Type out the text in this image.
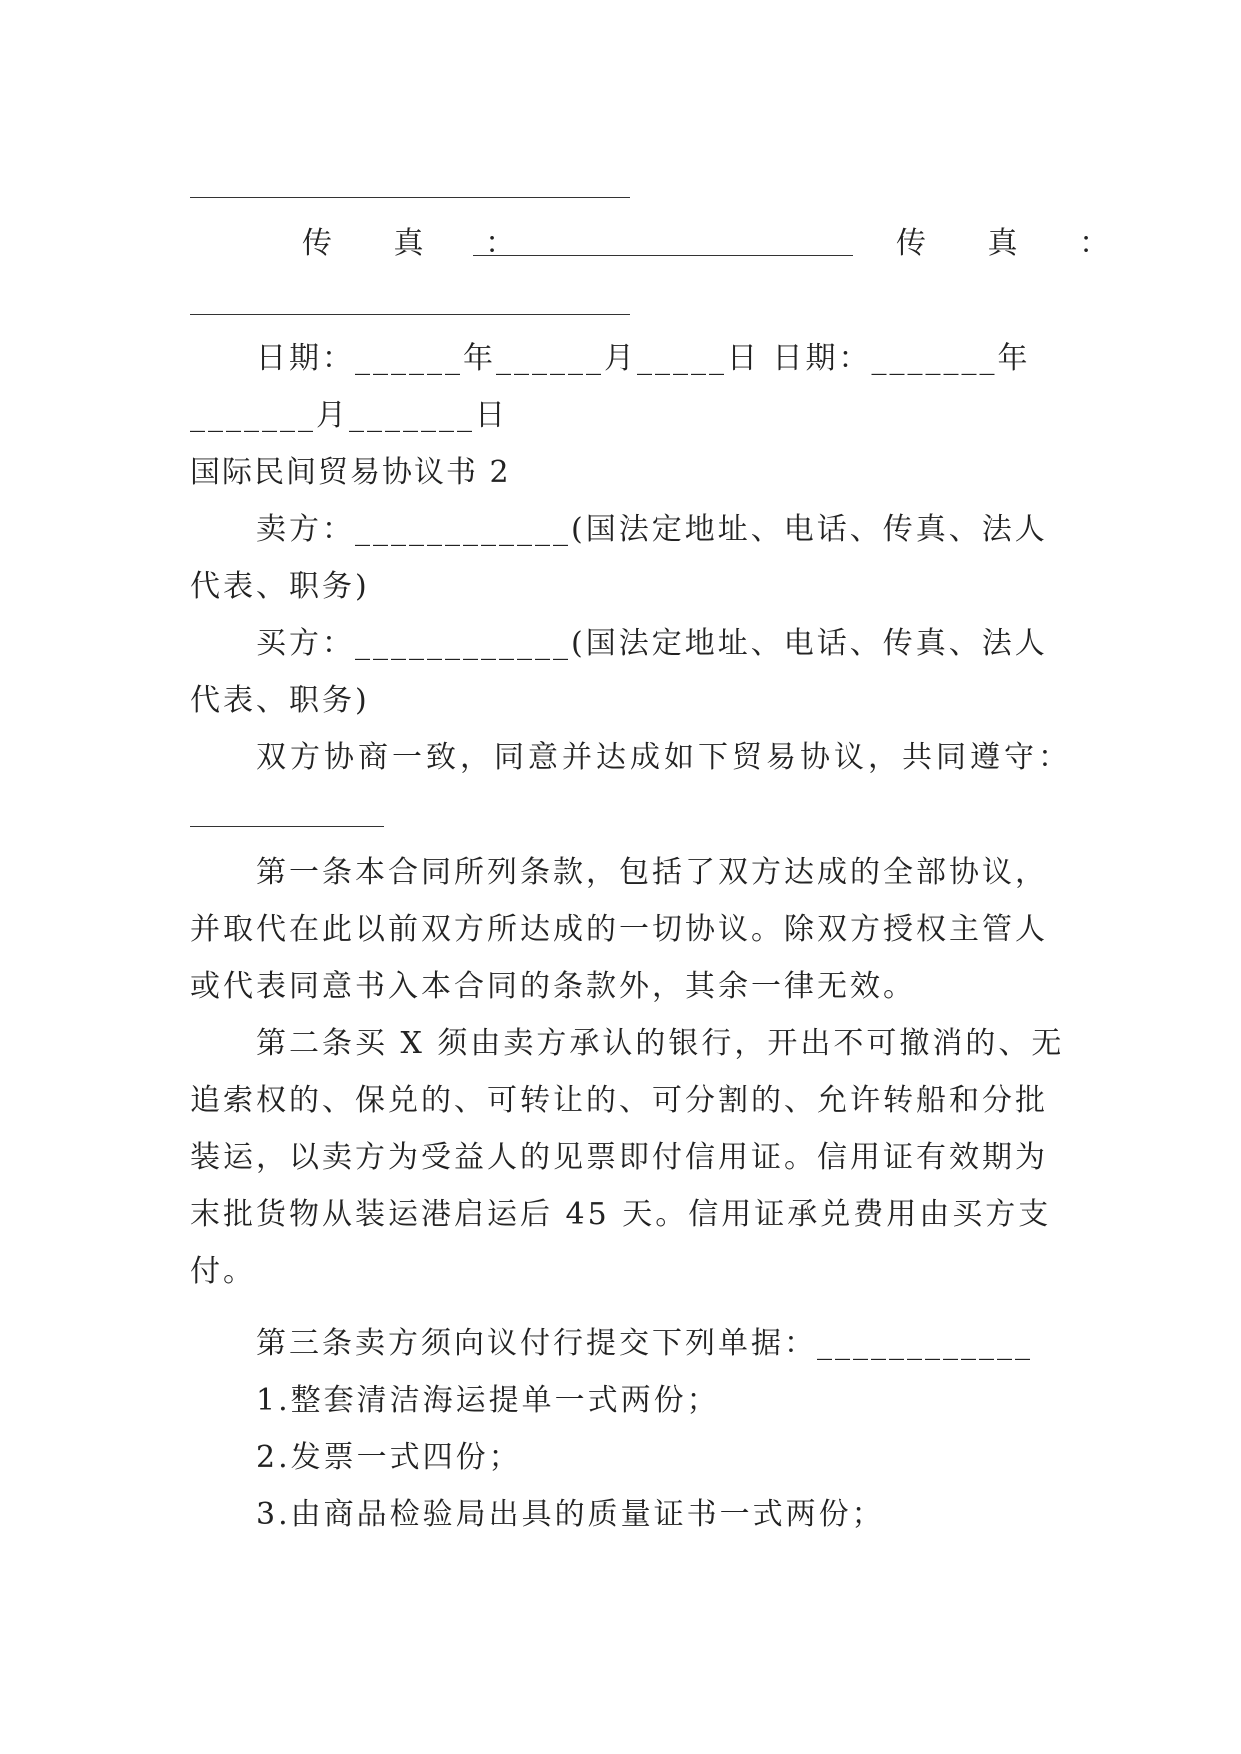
传 真 ：	传 真 ：
日期：______年______月_____日 日期：_______年
_______月_______日
国际民间贸易协议书 2
卖方：____________(国法定地址、电话、传真、法人
代表、职务)
买方：____________(国法定地址、电话、传真、法人
代表、职务)
双方协商一致，同意并达成如下贸易协议，共同遵守：
第一条本合同所列条款，包括了双方达成的全部协议，
并取代在此以前双方所达成的一切协议。除双方授权主管人
或代表同意书入本合同的条款外，其余一律无效。
第二条买 X 须由卖方承认的银行，开出不可撤消的、无
追索权的、保兑的、可转让的、可分割的、允许转船和分批
装运，以卖方为受益人的见票即付信用证。信用证有效期为
末批货物从装运港启运后 45 天。信用证承兑费用由买方支
付。
第三条卖方须向议付行提交下列单据：____________
1.整套清洁海运提单一式两份；
2.发票一式四份；
3.由商品检验局出具的质量证书一式两份；
